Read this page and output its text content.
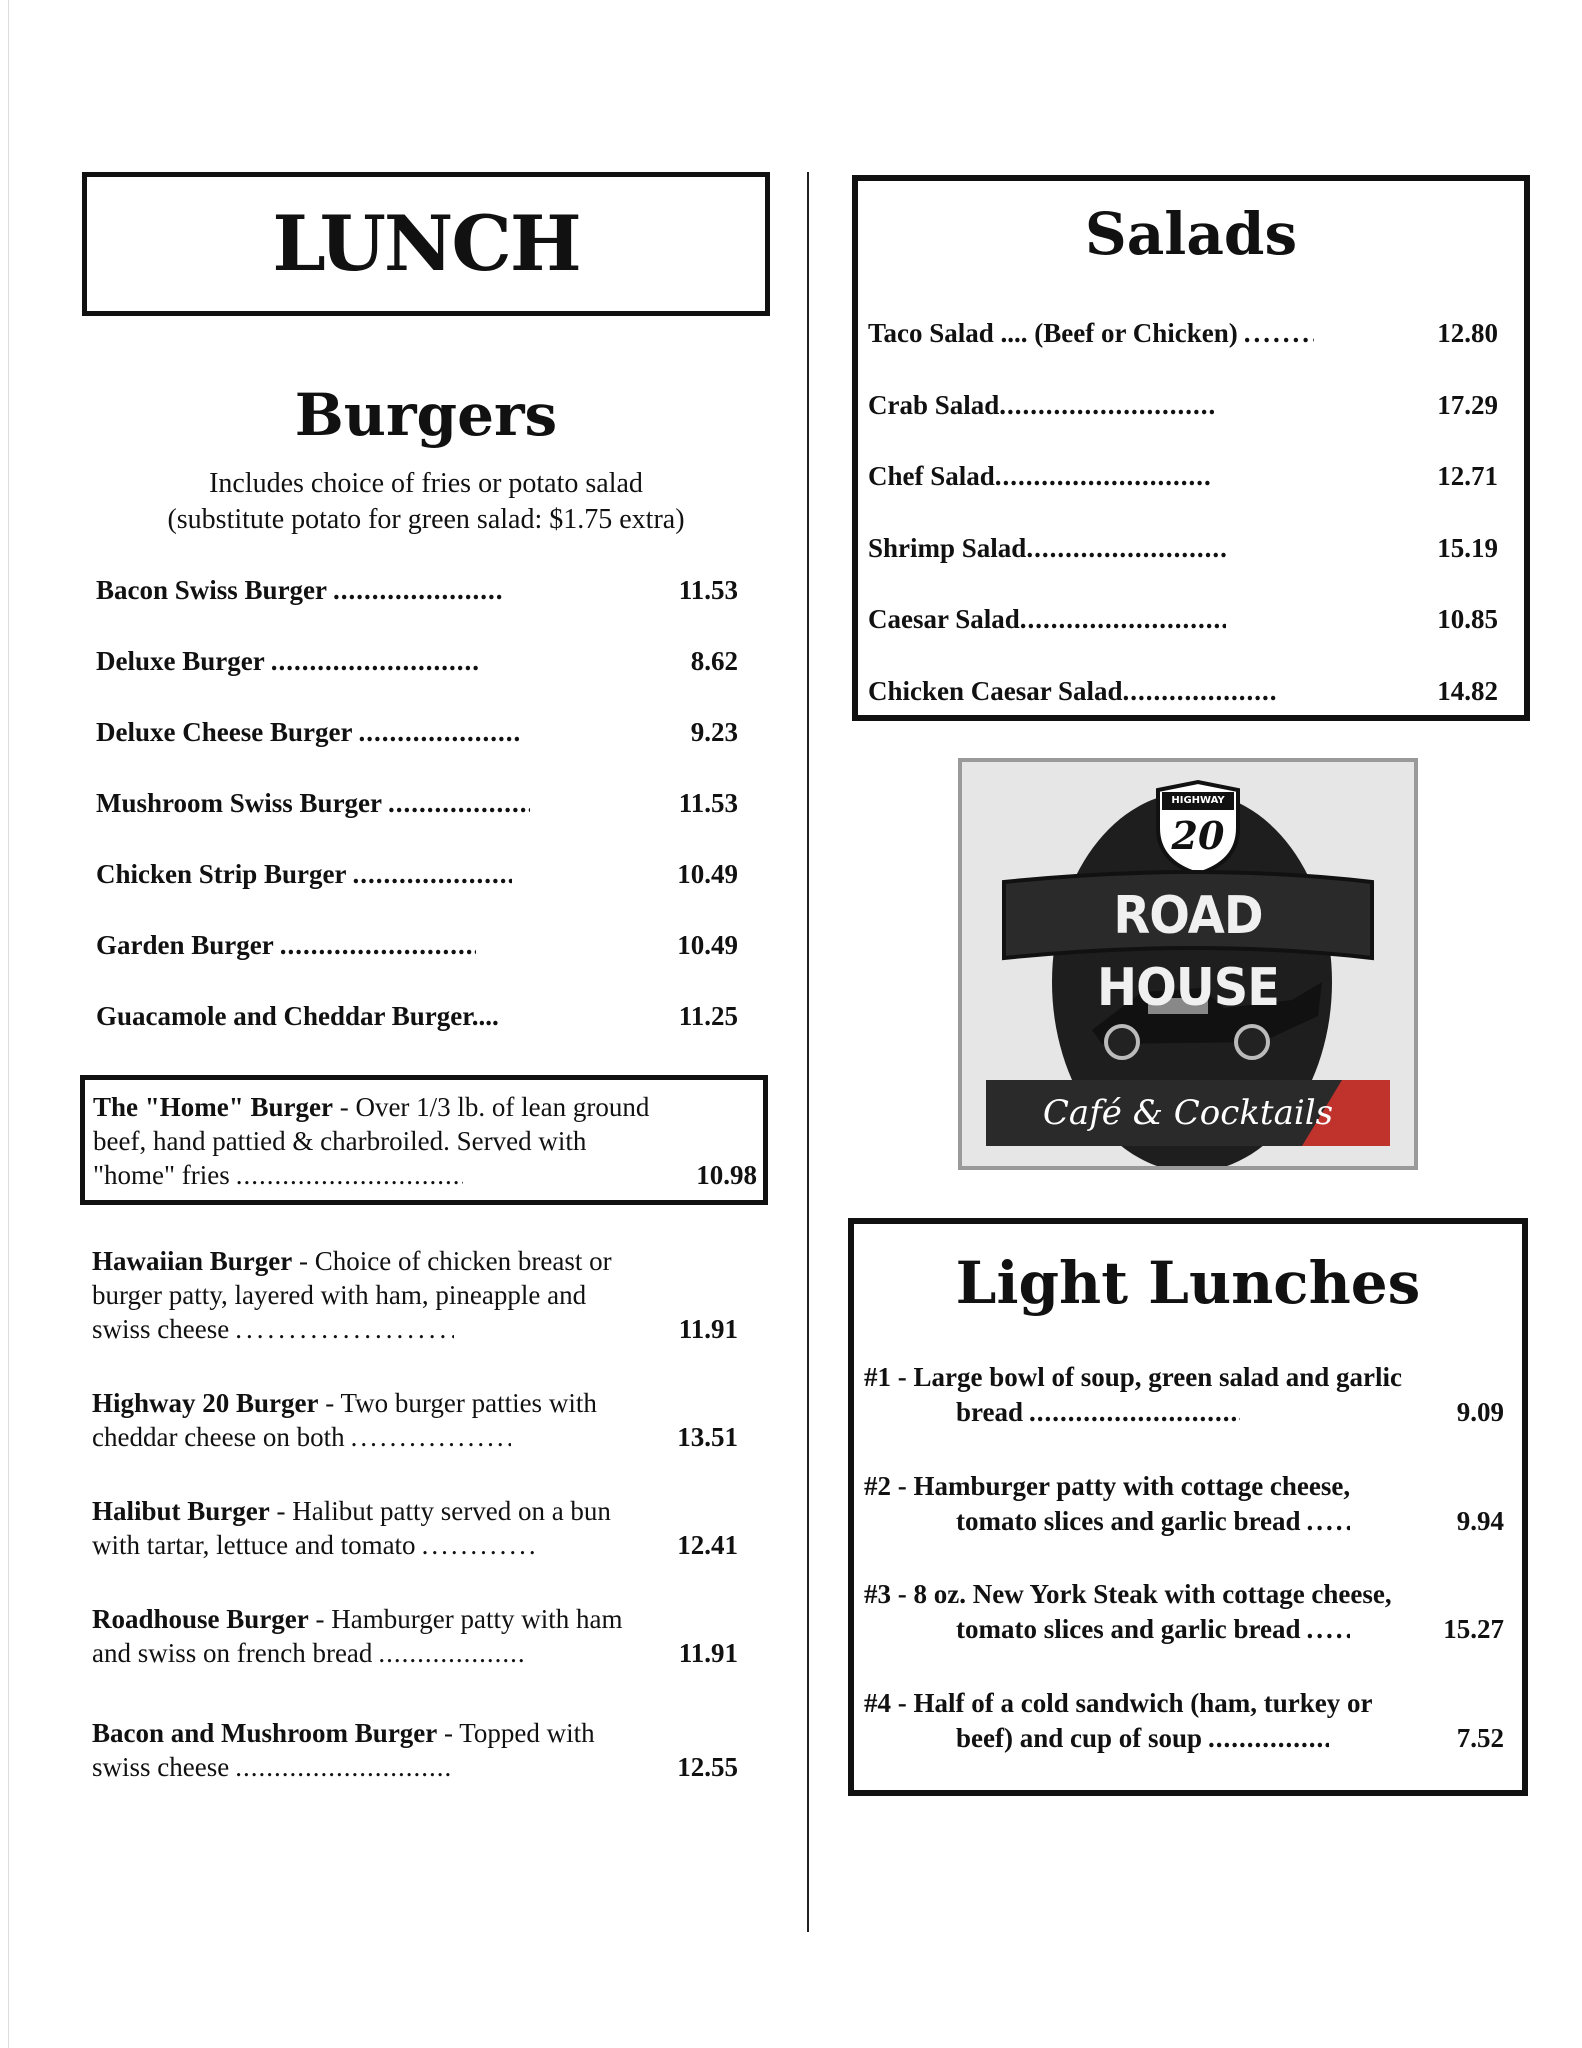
LUNCH
Burgers
Includes choice of fries or potato salad
(substitute potato for green salad: $1.75 extra)
Bacon Swiss Burger .....	11.53
Deluxe Burger .....	8.62
Deluxe Cheese Burger .....	9.23
Mushroom Swiss Burger .....	11.53
Chicken Strip Burger .....	10.49
Garden Burger .....	10.49
Guacamole and Cheddar Burger....	11.25
The "Home" Burger - Over 1/3 lb. of lean ground
beef, hand pattied & charbroiled. Served with
"home" fries .....	10.98
Hawaiian Burger - Choice of chicken breast or
burger patty, layered with ham, pineapple and
swiss cheese .....	11.91
Highway 20 Burger - Two burger patties with
cheddar cheese on both .....	13.51
Halibut Burger - Halibut patty served on a bun
with tartar, lettuce and tomato .....	12.41
Roadhouse Burger - Hamburger patty with ham
and swiss on french bread .....	11.91
Bacon and Mushroom Burger - Topped with
swiss cheese .....	12.55
Salads
Taco Salad .... (Beef or Chicken) .....	12.80
Crab Salad .....	17.29
Chef Salad .....	12.71
Shrimp Salad .....	15.19
Caesar Salad .....	10.85
Chicken Caesar Salad .....	14.82
HIGHWAY
20
ROAD HOUSE
Café & Cocktails
Light Lunches
#1 - Large bowl of soup, green salad and garlic
bread .....	9.09
#2 - Hamburger patty with cottage cheese,
tomato slices and garlic bread .....	9.94
#3 - 8 oz. New York Steak with cottage cheese,
tomato slices and garlic bread .....	15.27
#4 - Half of a cold sandwich (ham, turkey or
beef) and cup of soup .....	7.52
